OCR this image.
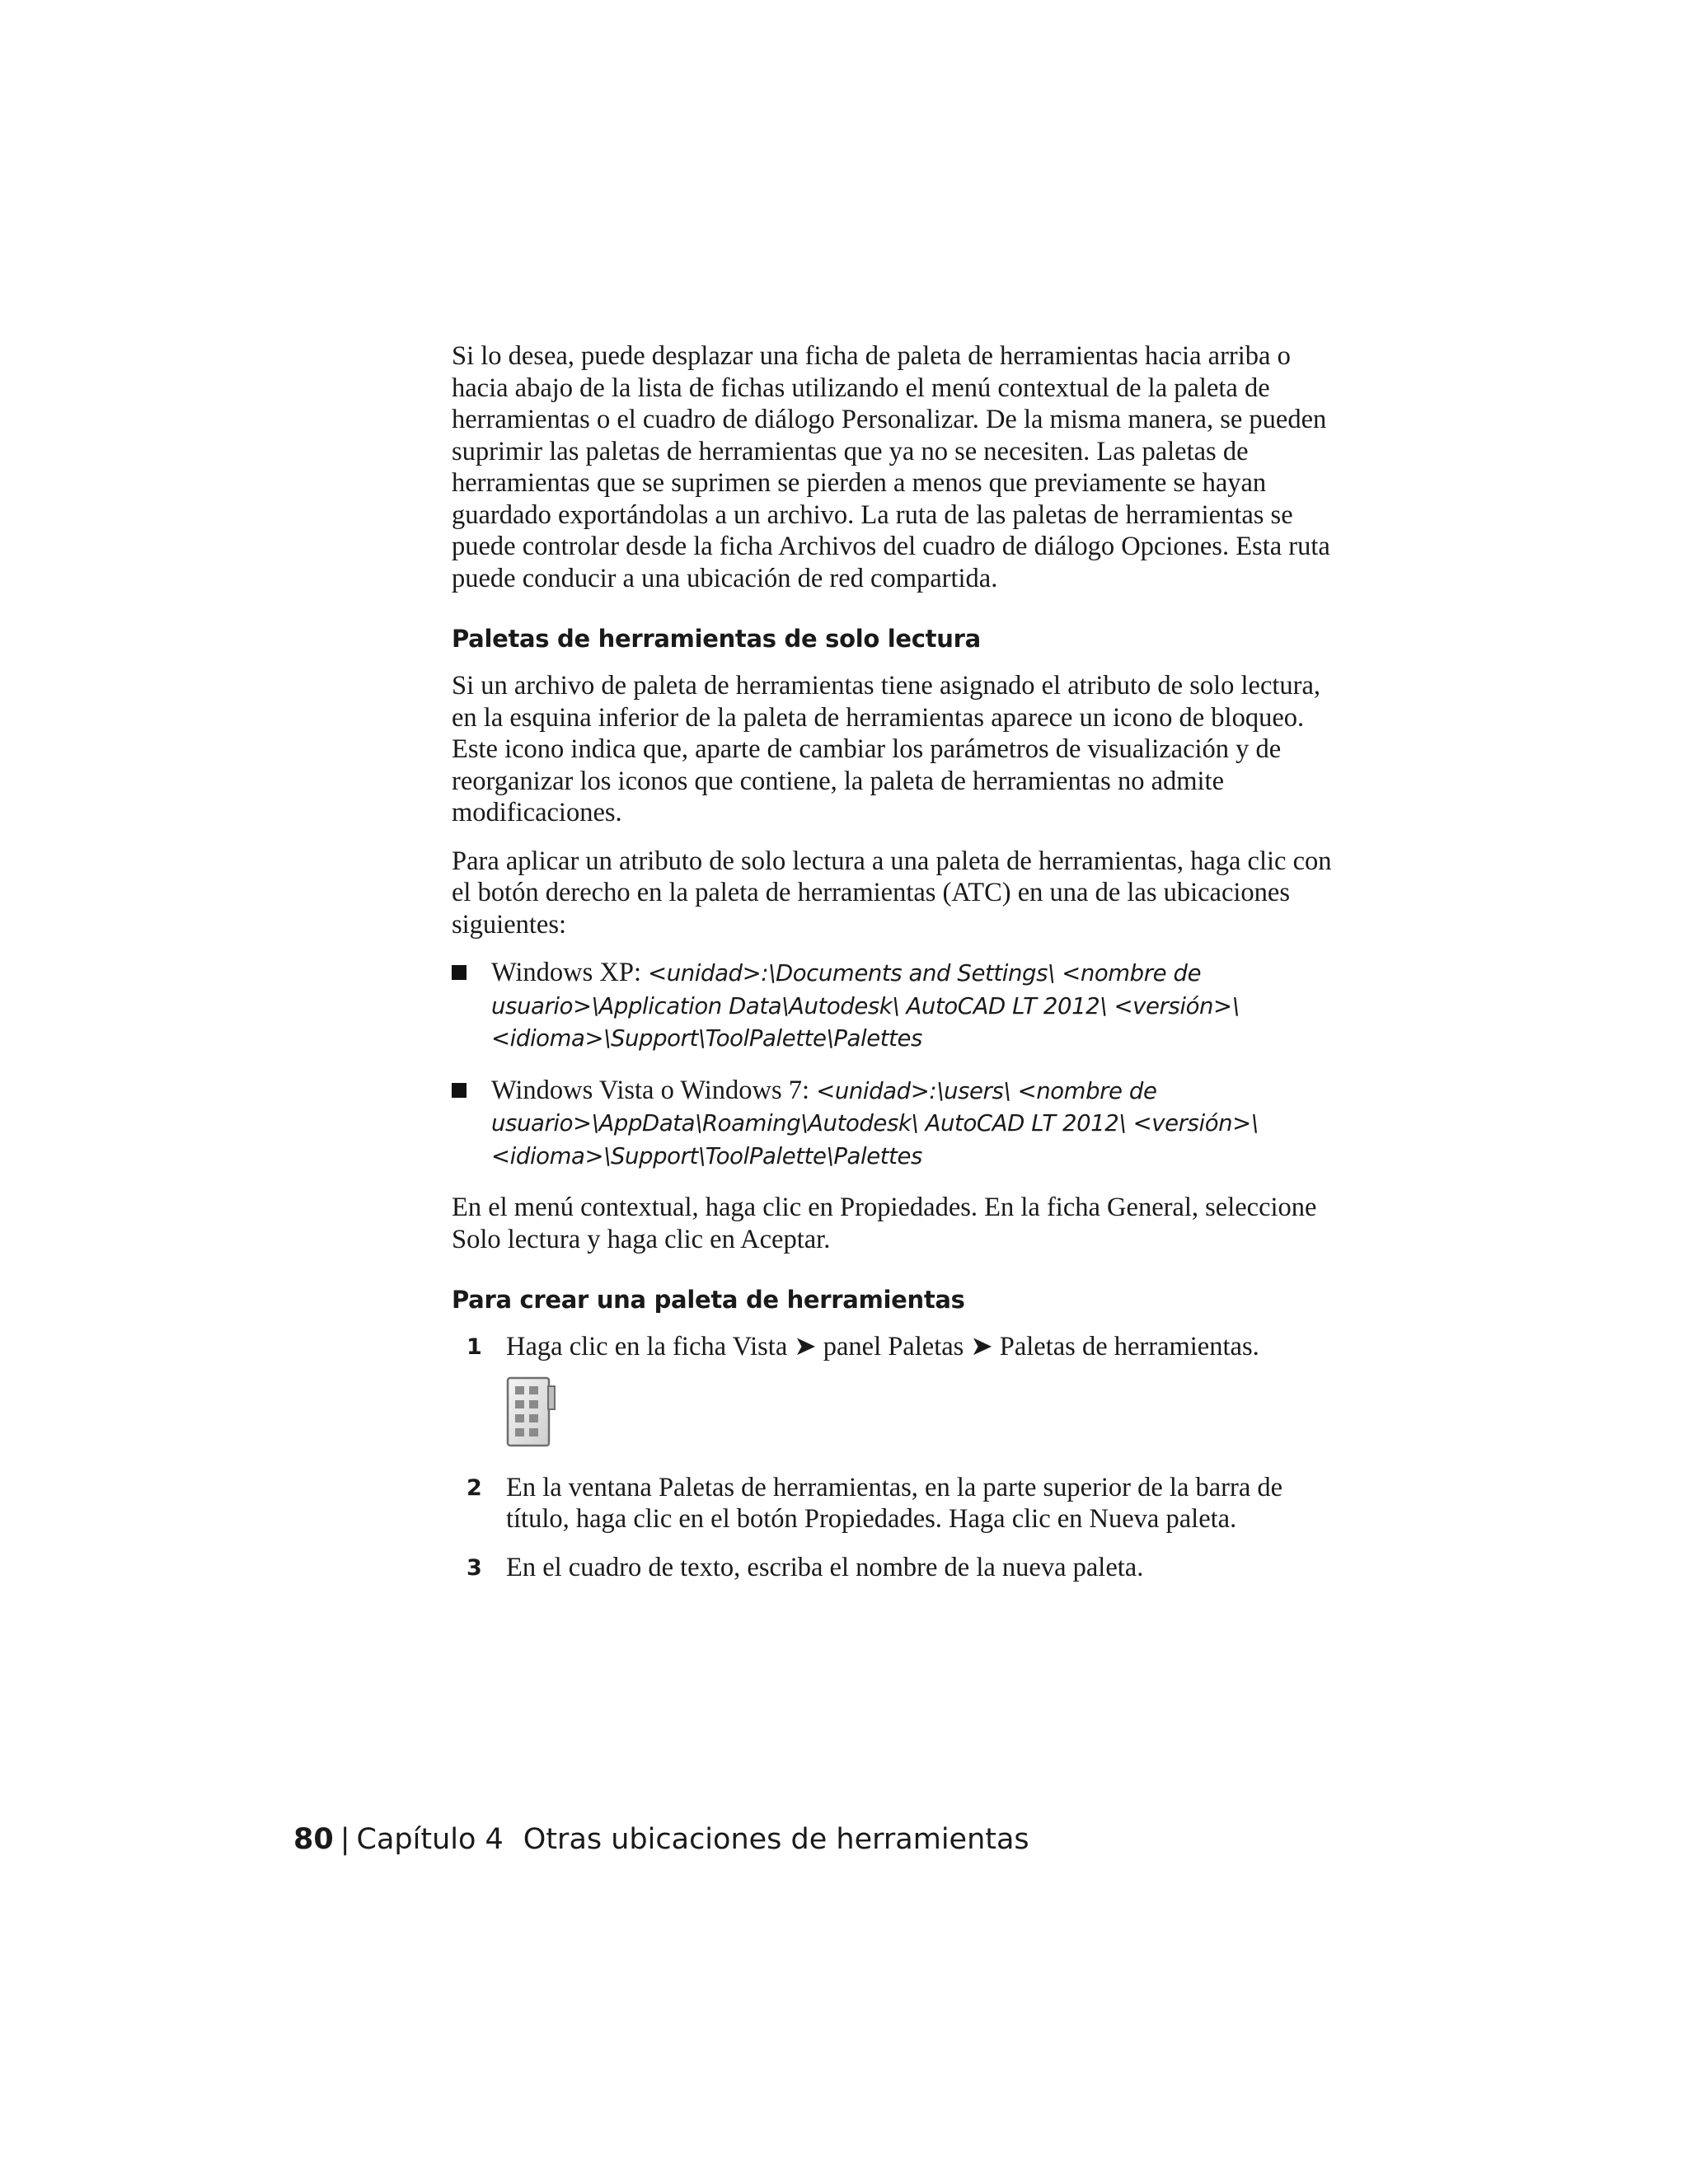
Si lo desea, puede desplazar una ficha de paleta de herramientas hacia arriba o hacia abajo de la lista de fichas utilizando el menú contextual de la paleta de herramientas o el cuadro de diálogo Personalizar. De la misma manera, se pueden suprimir las paletas de herramientas que ya no se necesiten. Las paletas de herramientas que se suprimen se pierden a menos que previamente se hayan guardado exportándolas a un archivo. La ruta de las paletas de herramientas se puede controlar desde la ficha Archivos del cuadro de diálogo Opciones. Esta ruta puede conducir a una ubicación de red compartida.

Paletas de herramientas de solo lectura

Si un archivo de paleta de herramientas tiene asignado el atributo de solo lectura, en la esquina inferior de la paleta de herramientas aparece un icono de bloqueo. Este icono indica que, aparte de cambiar los parámetros de visualización y de reorganizar los iconos que contiene, la paleta de herramientas no admite modificaciones.

Para aplicar un atributo de solo lectura a una paleta de herramientas, haga clic con el botón derecho en la paleta de herramientas (ATC) en una de las ubicaciones siguientes:

Windows XP: <unidad>:\Documents and Settings\ <nombre de usuario>\Application Data\Autodesk\ AutoCAD LT 2012\ <versión>\ <idioma>\Support\ToolPalette\Palettes
Windows Vista o Windows 7: <unidad>:\users\ <nombre de usuario>\AppData\Roaming\Autodesk\ AutoCAD LT 2012\ <versión>\ <idioma>\Support\ToolPalette\Palettes

En el menú contextual, haga clic en Propiedades. En la ficha General, seleccione Solo lectura y haga clic en Aceptar.

Para crear una paleta de herramientas
1 Haga clic en la ficha Vista ➤ panel Paletas ➤ Paletas de herramientas.
2 En la ventana Paletas de herramientas, en la parte superior de la barra de título, haga clic en el botón Propiedades. Haga clic en Nueva paleta.
3 En el cuadro de texto, escriba el nombre de la nueva paleta.
80 | Capítulo 4 Otras ubicaciones de herramientas
